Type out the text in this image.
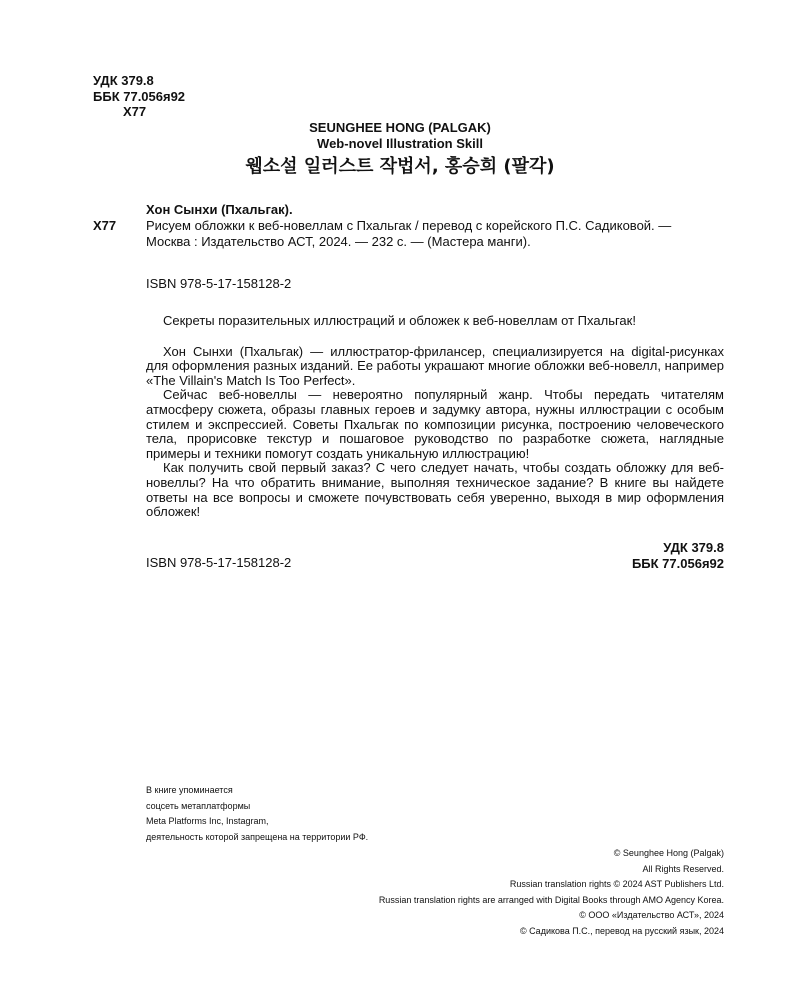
УДК 379.8
ББК 77.056я92
Х77
SEUNGHEE HONG (PALGAK)
Web-novel Illustration Skill
웹소설 일러스트 작법서, 홍승희 (팔각)
Х77
Хон Сынхи (Пхальгак).
Рисуем обложки к веб-новеллам с Пхальгак / перевод с корейского П.С. Садиковой. —
Москва : Издательство АСТ, 2024. — 232 с. — (Мастера манги).
ISBN 978-5-17-158128-2

Секреты поразительных иллюстраций и обложек к веб-новеллам от Пхальгак!

Хон Сынхи (Пхальгак) — иллюстратор-фрилансер, специализируется на digital-рисунках для оформления разных изданий. Ее работы украшают многие обложки веб-новелл, например «The Villain's Match Is Too Perfect».

Сейчас веб-новеллы — невероятно популярный жанр. Чтобы передать читателям атмосферу сюжета, образы главных героев и задумку автора, нужны иллюстрации с особым стилем и экспрессией. Советы Пхальгак по композиции рисунка, построению человеческого тела, прорисовке текстур и пошаговое руководство по разработке сюжета, наглядные примеры и техники помогут создать уникальную иллюстрацию!

Как получить свой первый заказ? С чего следует начать, чтобы создать обложку для веб-новеллы? На что обратить внимание, выполняя техническое задание? В книге вы найдете ответы на все вопросы и сможете почувствовать себя уверенно, выходя в мир оформления обложек!

ISBN 978-5-17-158128-2
УДК 379.8
ББК 77.056я92
В книге упоминается
соцсеть метаплатформы
Meta Platforms Inc, Instagram,
деятельность которой запрещена на территории РФ.
© Seunghee Hong (Palgak)
All Rights Reserved.
Russian translation rights © 2024 AST Publishers Ltd.
Russian translation rights are arranged with Digital Books through AMO Agency Korea.
© ООО «Издательство АСТ», 2024
© Садикова П.С., перевод на русский язык, 2024
